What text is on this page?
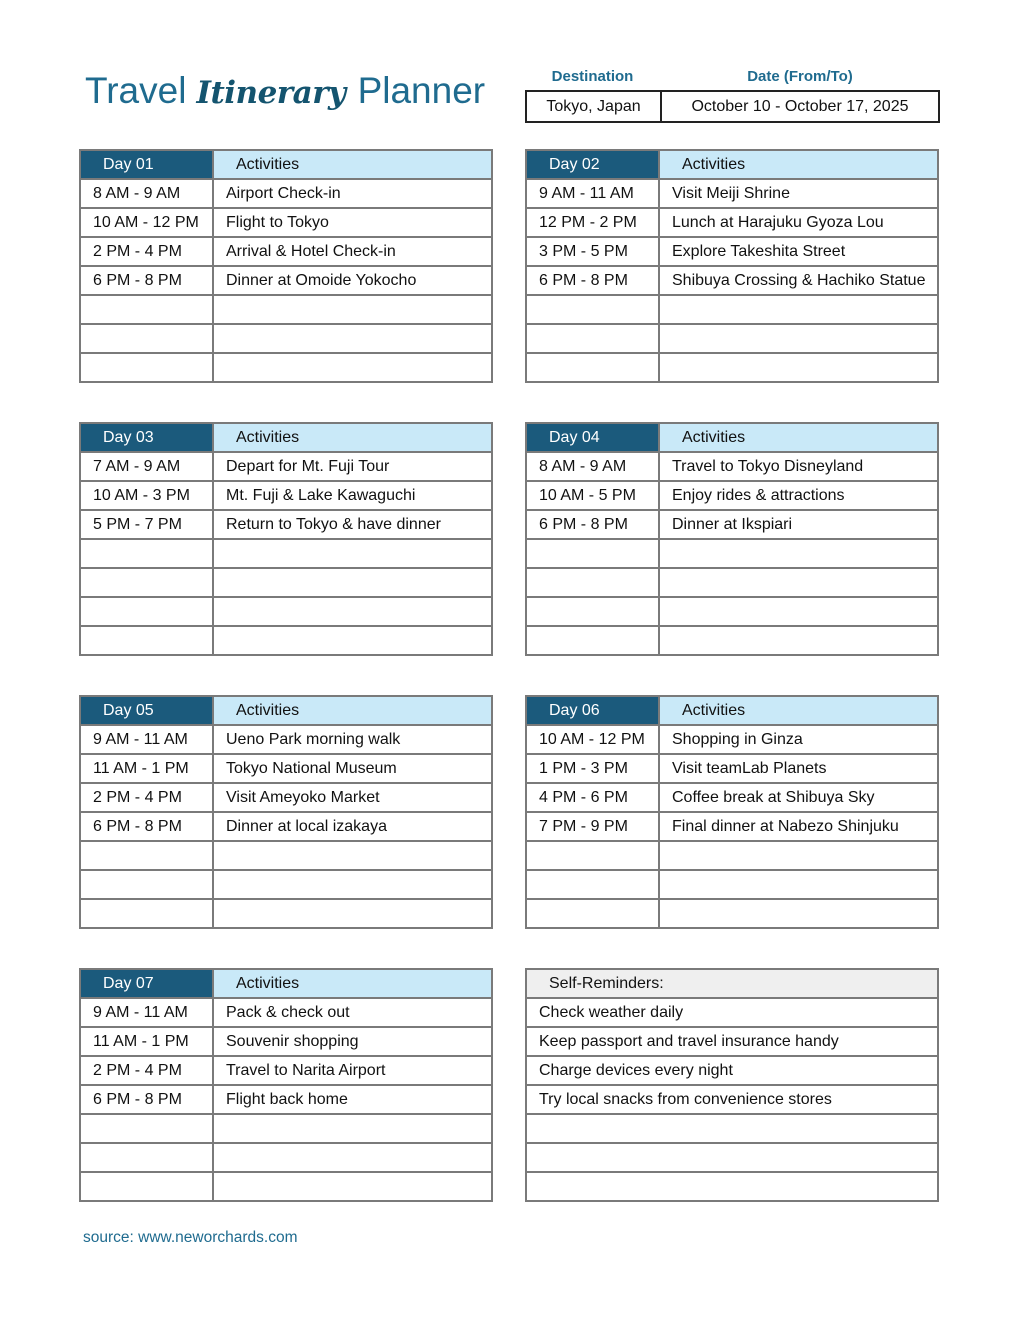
Travel Itinerary Planner	Destination	Date (From/To)
Tokyo, Japan	October 10 - October 17, 2025
Day 01	Activities
8 AM - 9 AM	Airport Check-in
10 AM - 12 PM	Flight to Tokyo
2 PM - 4 PM	Arrival & Hotel Check-in
6 PM - 8 PM	Dinner at Omoide Yokocho

Day 02	Activities
9 AM - 11 AM	Visit Meiji Shrine
12 PM - 2 PM	Lunch at Harajuku Gyoza Lou
3 PM - 5 PM	Explore Takeshita Street
6 PM - 8 PM	Shibuya Crossing & Hachiko Statue

Day 03	Activities
7 AM - 9 AM	Depart for Mt. Fuji Tour
10 AM - 3 PM	Mt. Fuji & Lake Kawaguchi
5 PM - 7 PM	Return to Tokyo & have dinner

Day 04	Activities
8 AM - 9 AM	Travel to Tokyo Disneyland
10 AM - 5 PM	Enjoy rides & attractions
6 PM - 8 PM	Dinner at Ikspiari

Day 05	Activities
9 AM - 11 AM	Ueno Park morning walk
11 AM - 1 PM	Tokyo National Museum
2 PM - 4 PM	Visit Ameyoko Market
6 PM - 8 PM	Dinner at local izakaya

Day 06	Activities
10 AM - 12 PM	Shopping in Ginza
1 PM - 3 PM	Visit teamLab Planets
4 PM - 6 PM	Coffee break at Shibuya Sky
7 PM - 9 PM	Final dinner at Nabezo Shinjuku

Day 07	Activities
9 AM - 11 AM	Pack & check out
11 AM - 1 PM	Souvenir shopping
2 PM - 4 PM	Travel to Narita Airport
6 PM - 8 PM	Flight back home

Self-Reminders:
Check weather daily
Keep passport and travel insurance handy
Charge devices every night
Try local snacks from convenience stores

source: www.neworchards.com
